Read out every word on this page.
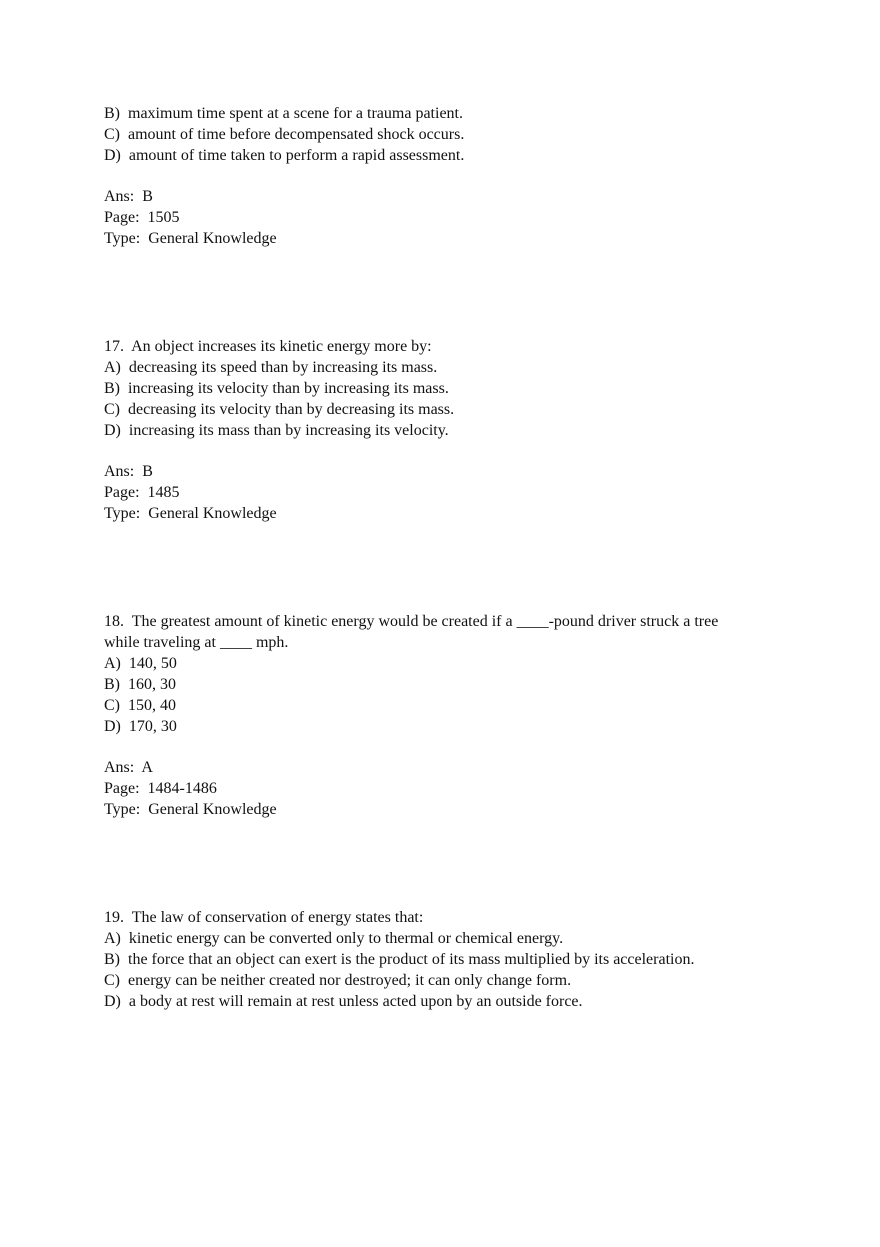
B)  maximum time spent at a scene for a trauma patient.

C)  amount of time before decompensated shock occurs.

D)  amount of time taken to perform a rapid assessment.

Ans:  B

Page:  1505

Type:  General Knowledge

17.  An object increases its kinetic energy more by:

A)  decreasing its speed than by increasing its mass.

B)  increasing its velocity than by increasing its mass.

C)  decreasing its velocity than by decreasing its mass.

D)  increasing its mass than by increasing its velocity.

Ans:  B

Page:  1485

Type:  General Knowledge

18.  The greatest amount of kinetic energy would be created if a ____-pound driver struck a tree

while traveling at ____ mph.

A)  140, 50

B)  160, 30

C)  150, 40

D)  170, 30

Ans:  A

Page:  1484-1486

Type:  General Knowledge

19.  The law of conservation of energy states that:

A)  kinetic energy can be converted only to thermal or chemical energy.

B)  the force that an object can exert is the product of its mass multiplied by its acceleration.

C)  energy can be neither created nor destroyed; it can only change form.

D)  a body at rest will remain at rest unless acted upon by an outside force.
